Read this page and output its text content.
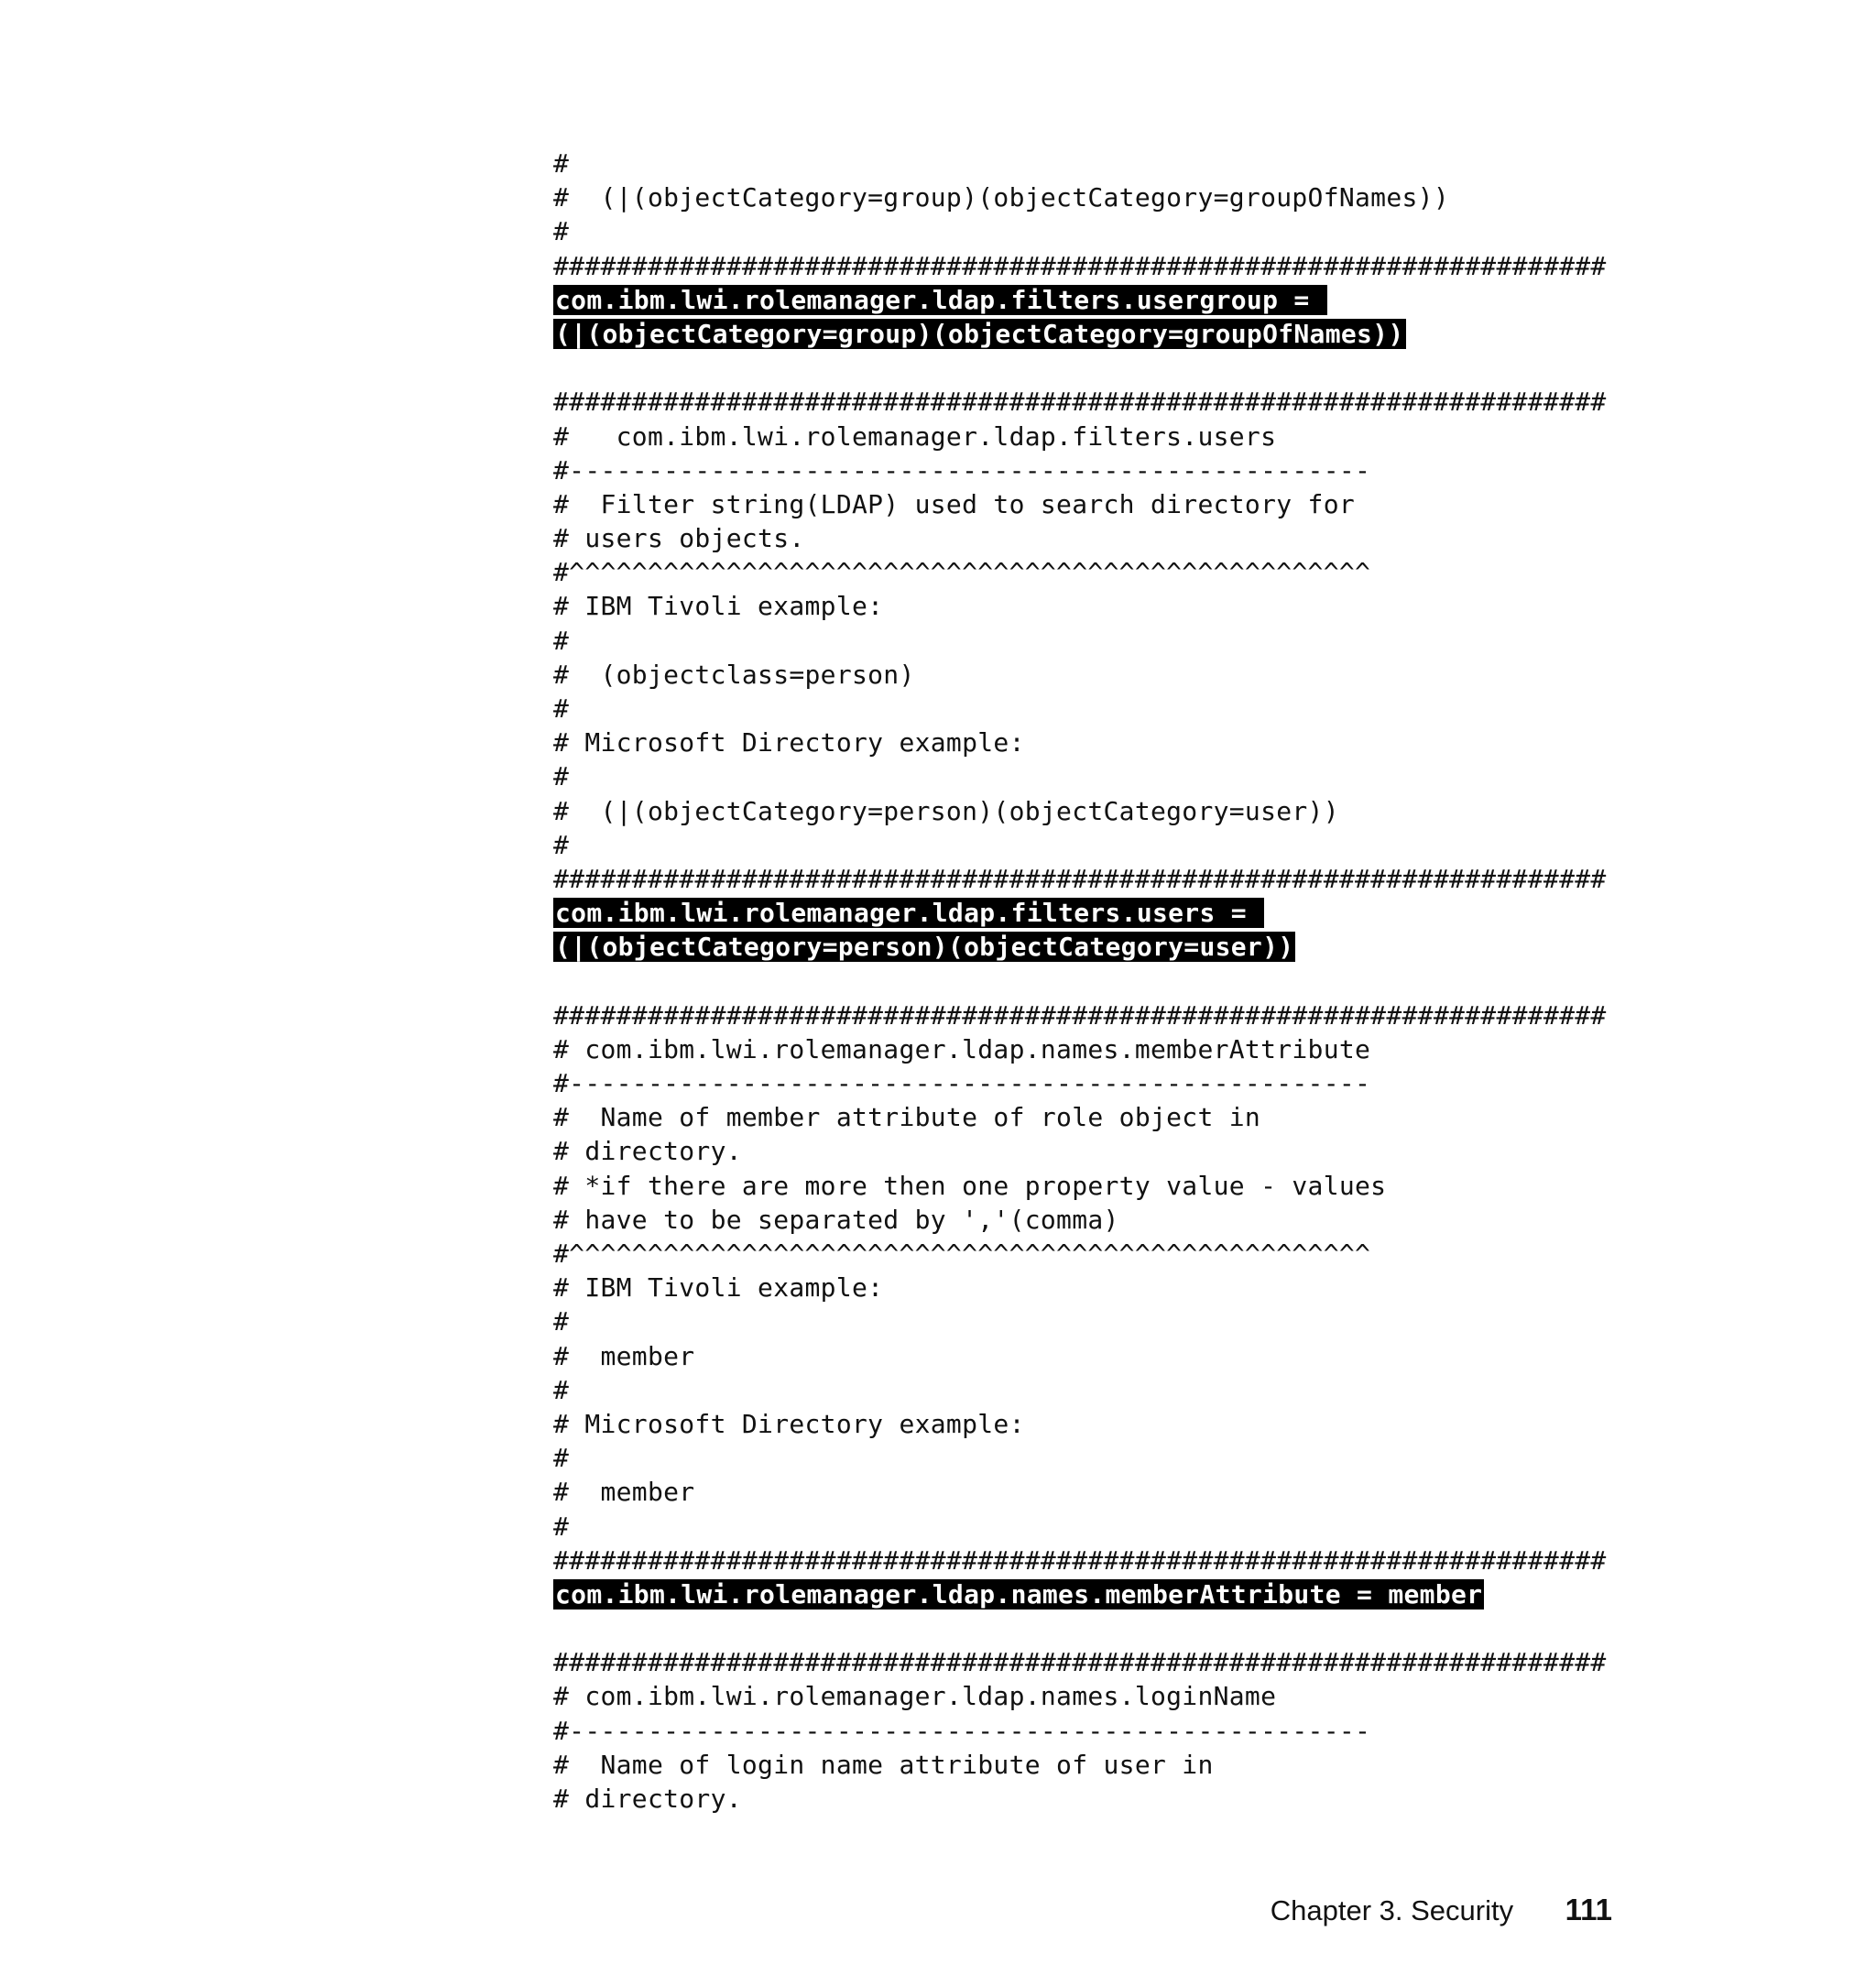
#
#  (|(objectCategory=group)(objectCategory=groupOfNames))
#
###################################################################
com.ibm.lwi.rolemanager.ldap.filters.usergroup =
(|(objectCategory=group)(objectCategory=groupOfNames))
###################################################################
#   com.ibm.lwi.rolemanager.ldap.filters.users
#---------------------------------------------------
#  Filter string(LDAP) used to search directory for
# users objects.
#^^^^^^^^^^^^^^^^^^^^^^^^^^^^^^^^^^^^^^^^^^^^^^^^^^^
# IBM Tivoli example:
#
#  (objectclass=person)
#
# Microsoft Directory example:
#
#  (|(objectCategory=person)(objectCategory=user))
#
###################################################################
com.ibm.lwi.rolemanager.ldap.filters.users =
(|(objectCategory=person)(objectCategory=user))
###################################################################
# com.ibm.lwi.rolemanager.ldap.names.memberAttribute
#---------------------------------------------------
#  Name of member attribute of role object in
# directory.
# *if there are more then one property value - values
# have to be separated by ','(comma)
#^^^^^^^^^^^^^^^^^^^^^^^^^^^^^^^^^^^^^^^^^^^^^^^^^^^
# IBM Tivoli example:
#
#  member
#
# Microsoft Directory example:
#
#  member
#
###################################################################
com.ibm.lwi.rolemanager.ldap.names.memberAttribute = member
###################################################################
# com.ibm.lwi.rolemanager.ldap.names.loginName
#---------------------------------------------------
#  Name of login name attribute of user in
# directory.
Chapter 3. Security 111
